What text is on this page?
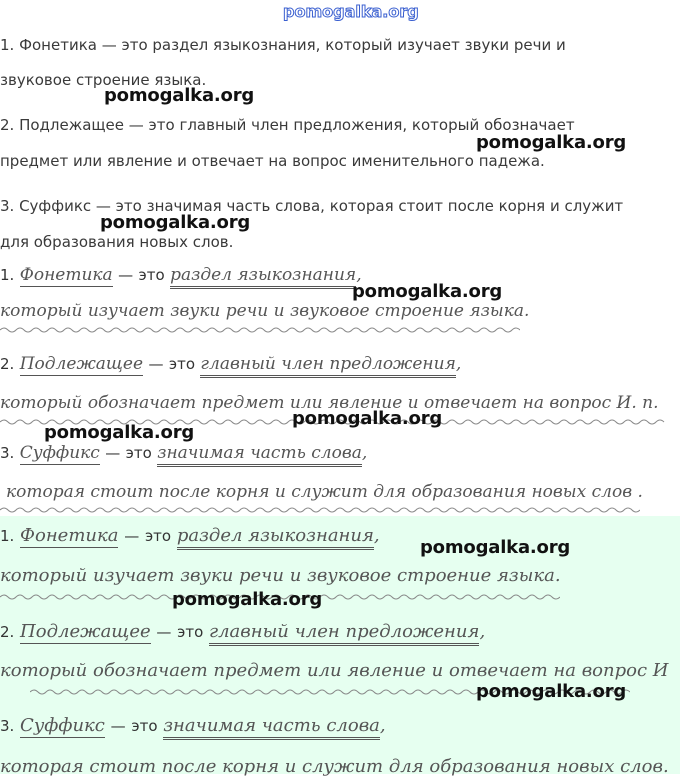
pomogalka.org
1. Фонетика — это раздел языкознания, который изучает звуки речи и
звуковое строение языка.
2. Подлежащее — это главный член предложения, который обозначает
предмет или явление и отвечает на вопрос именительного падежа.
3. Суффикс — это значимая часть слова, которая стоит после корня и служит
для образования новых слов.
1. Фонетика — это раздел языкознания,
который изучает звуки речи и звуковое строение языка.
2. Подлежащее — это главный член предложения,
который обозначает предмет или явление и отвечает на вопрос И. п.
3. Суффикс — это значимая часть слова,
которая стоит после корня и служит для образования новых слов .
1. Фонетика — это раздел языкознания,
который изучает звуки речи и звуковое строение языка.
2. Подлежащее — это главный член предложения,
который обозначает предмет или явление и отвечает на вопрос И
3. Суффикс — это значимая часть слова,
которая стоит после корня и служит для образования новых слов.
pomogalka.org
pomogalka.org
pomogalka.org
pomogalka.org
pomogalka.org
pomogalka.org
pomogalka.org
pomogalka.org
pomogalka.org
